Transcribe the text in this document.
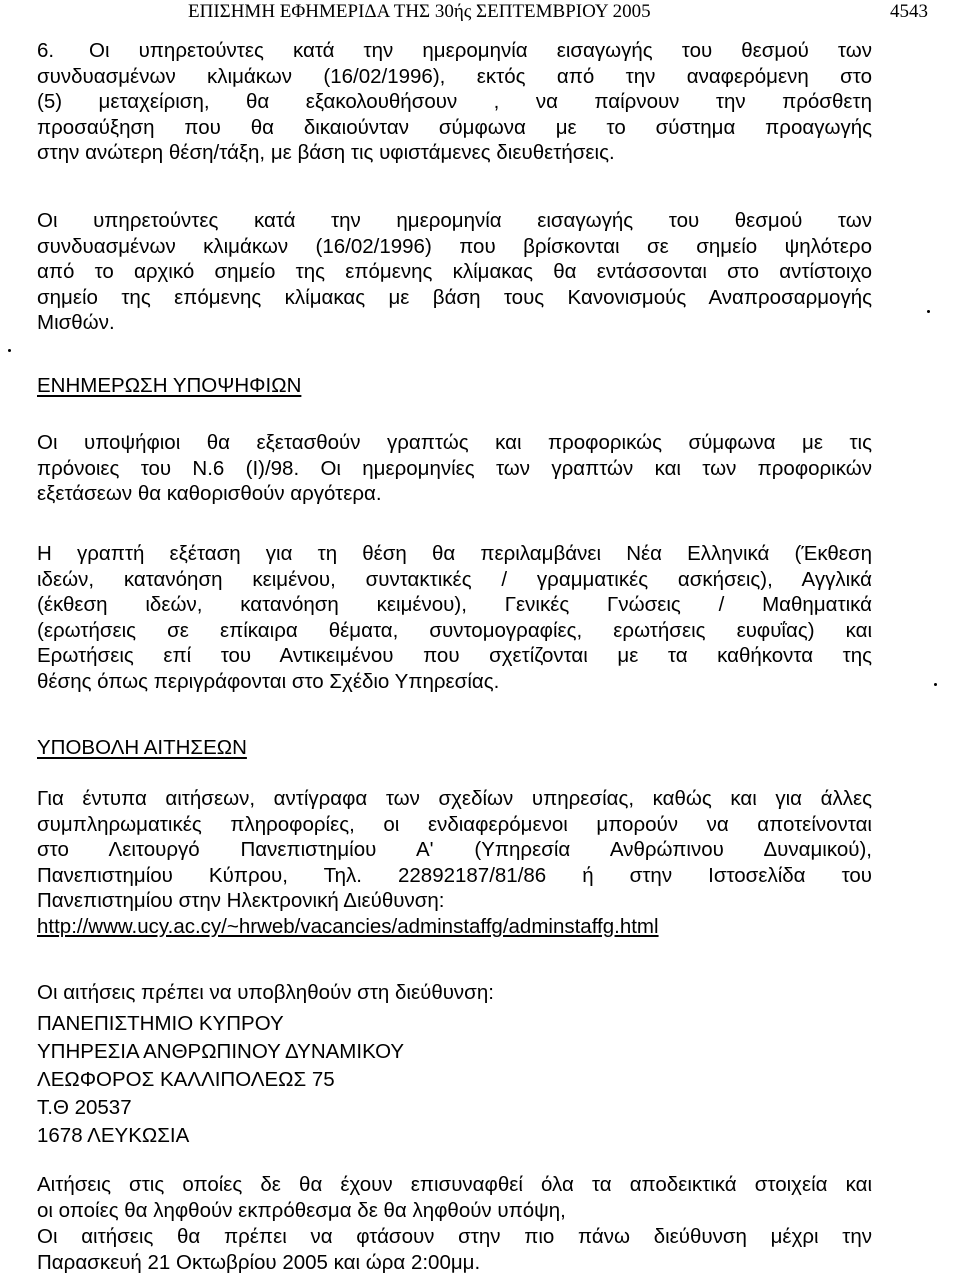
ΕΠΙΣΗΜΗ ΕΦΗΜΕΡΙΔΑ ΤΗΣ 30ής ΣΕΠΤΕΜΒΡΙΟΥ 2005	4543
6. Οι υπηρετούντες κατά την ημερομηνία εισαγωγής του θεσμού των
συνδυασμένων κλιμάκων (16/02/1996), εκτός από την αναφερόμενη στο
(5) μεταχείριση, θα εξακολουθήσουν , να παίρνουν την πρόσθετη
προσαύξηση που θα δικαιούνταν σύμφωνα με το σύστημα προαγωγής
στην ανώτερη θέση/τάξη, με βάση τις υφιστάμενες διευθετήσεις.
Οι υπηρετούντες κατά την ημερομηνία εισαγωγής του θεσμού των
συνδυασμένων κλιμάκων (16/02/1996) που βρίσκονται σε σημείο ψηλότερο
από το αρχικό σημείο της επόμενης κλίμακας θα εντάσσονται στο αντίστοιχο
σημείο της επόμενης κλίμακας με βάση τους Κανονισμούς Αναπροσαρμογής
Μισθών.
ΕΝΗΜΕΡΩΣΗ ΥΠΟΨΗΦΙΩΝ
Οι υποψήφιοι θα εξετασθούν γραπτώς και προφορικώς σύμφωνα με τις
πρόνοιες του Ν.6 (Ι)/98. Οι ημερομηνίες των γραπτών και των προφορικών
εξετάσεων θα καθορισθούν αργότερα.
Η γραπτή εξέταση για τη θέση θα περιλαμβάνει Νέα Ελληνικά (Έκθεση
ιδεών, κατανόηση κειμένου, συντακτικές / γραμματικές ασκήσεις), Αγγλικά
(έκθεση ιδεών, κατανόηση κειμένου), Γενικές Γνώσεις / Μαθηματικά
(ερωτήσεις σε επίκαιρα θέματα, συντομογραφίες, ερωτήσεις ευφυΐας) και
Ερωτήσεις επί του Αντικειμένου που σχετίζονται με τα καθήκοντα της
θέσης όπως περιγράφονται στο Σχέδιο Υπηρεσίας.
ΥΠΟΒΟΛΗ ΑΙΤΗΣΕΩΝ
Για έντυπα αιτήσεων, αντίγραφα των σχεδίων υπηρεσίας, καθώς και για άλλες
συμπληρωματικές πληροφορίες, οι ενδιαφερόμενοι μπορούν να αποτείνονται
στο Λειτουργό Πανεπιστημίου Α' (Υπηρεσία Ανθρώπινου Δυναμικού),
Πανεπιστημίου Κύπρου, Τηλ. 22892187/81/86 ή στην Ιστοσελίδα του
Πανεπιστημίου στην Ηλεκτρονική Διεύθυνση:
http://www.ucy.ac.cy/~hrweb/vacancies/adminstaffg/adminstaffg.html
Οι αιτήσεις πρέπει να υποβληθούν στη διεύθυνση:
ΠΑΝΕΠΙΣΤΗΜΙΟ ΚΥΠΡΟΥ
ΥΠΗΡΕΣΙΑ ΑΝΘΡΩΠΙΝΟΥ ΔΥΝΑΜΙΚΟΥ
ΛΕΩΦΟΡΟΣ ΚΑΛΛΙΠΟΛΕΩΣ 75
Τ.Θ 20537
1678 ΛΕΥΚΩΣΙΑ
Αιτήσεις στις οποίες δε θα έχουν επισυναφθεί όλα τα αποδεικτικά στοιχεία και
οι οποίες θα ληφθούν εκπρόθεσμα δε θα ληφθούν υπόψη,
Οι αιτήσεις θα πρέπει να φτάσουν στην πιο πάνω διεύθυνση μέχρι την
Παρασκευή 21 Οκτωβρίου 2005 και ώρα 2:00μμ.
